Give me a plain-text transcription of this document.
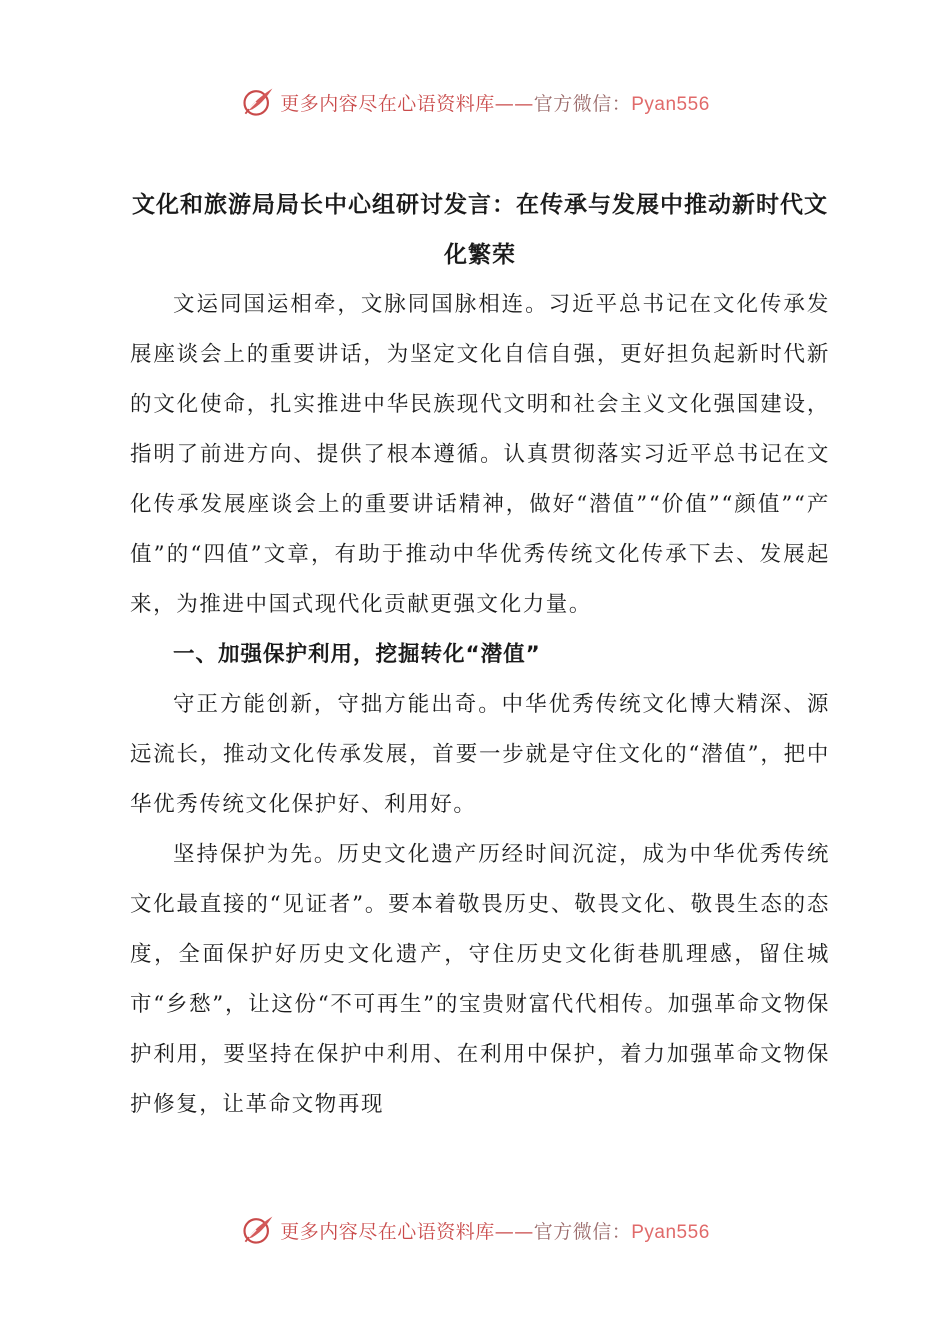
更多内容尽在心语资料库——官方微信：Pyan556

文化和旅游局局长中心组研讨发言：在传承与发展中推动新时代文化繁荣

文运同国运相牵，文脉同国脉相连。习近平总书记在文化传承发展座谈会上的重要讲话，为坚定文化自信自强，更好担负起新时代新的文化使命，扎实推进中华民族现代文明和社会主义文化强国建设，指明了前进方向、提供了根本遵循。认真贯彻落实习近平总书记在文化传承发展座谈会上的重要讲话精神，做好“潜值”“价值”“颜值”“产值”的“四值”文章，有助于推动中华优秀传统文化传承下去、发展起来，为推进中国式现代化贡献更强文化力量。

一、加强保护利用，挖掘转化“潜值”

守正方能创新，守拙方能出奇。中华优秀传统文化博大精深、源远流长，推动文化传承发展，首要一步就是守住文化的“潜值”，把中华优秀传统文化保护好、利用好。

坚持保护为先。历史文化遗产历经时间沉淀，成为中华优秀传统文化最直接的“见证者”。要本着敬畏历史、敬畏文化、敬畏生态的态度，全面保护好历史文化遗产，守住历史文化街巷肌理感，留住城市“乡愁”，让这份“不可再生”的宝贵财富代代相传。加强革命文物保护利用，要坚持在保护中利用、在利用中保护，着力加强革命文物保护修复，让革命文物再现

更多内容尽在心语资料库——官方微信：Pyan556
